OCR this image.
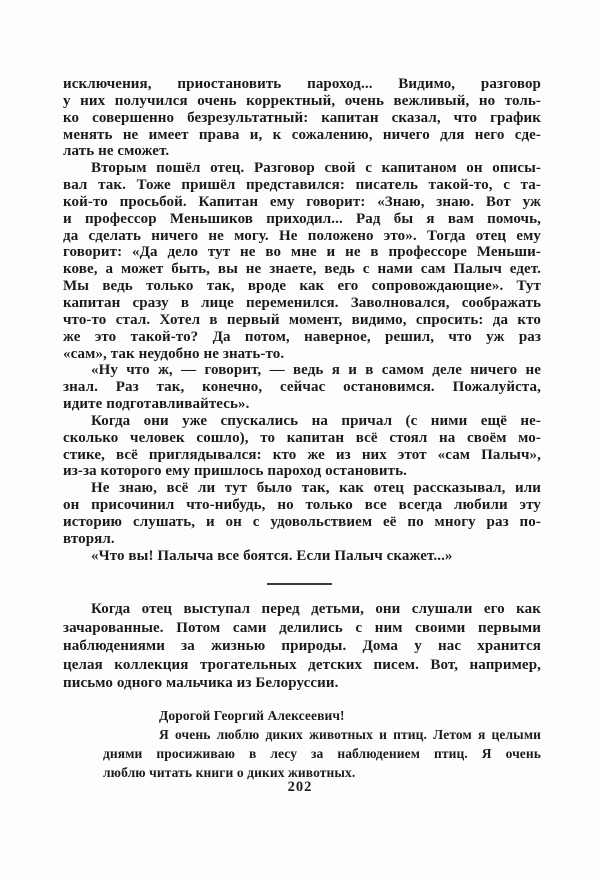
исключения, приостановить пароход... Видимо, разговор
у них получился очень корректный, очень вежливый, но толь-
ко совершенно безрезультатный: капитан сказал, что график
менять не имеет права и, к сожалению, ничего для него сде-
лать не сможет.
Вторым пошёл отец. Разговор свой с капитаном он описы-
вал так. Тоже пришёл представился: писатель такой-то, с та-
кой-то просьбой. Капитан ему говорит: «Знаю, знаю. Вот уж
и профессор Меньшиков приходил... Рад бы я вам помочь,
да сделать ничего не могу. Не положено это». Тогда отец ему
говорит: «Да дело тут не во мне и не в профессоре Меньши-
кове, а может быть, вы не знаете, ведь с нами сам Палыч едет.
Мы ведь только так, вроде как его сопровождающие». Тут
капитан сразу в лице переменился. Заволновался, соображать
что-то стал. Хотел в первый момент, видимо, спросить: да кто
же это такой-то? Да потом, наверное, решил, что уж раз
«сам», так неудобно не знать-то.
«Ну что ж, — говорит, — ведь я и в самом деле ничего не
знал. Раз так, конечно, сейчас остановимся. Пожалуйста,
идите подготавливайтесь».
Когда они уже спускались на причал (с ними ещё не-
сколько человек сошло), то капитан всё стоял на своём мо-
стике, всё приглядывался: кто же из них этот «сам Палыч»,
из-за которого ему пришлось пароход остановить.
Не знаю, всё ли тут было так, как отец рассказывал, или
он присочинил что-нибудь, но только все всегда любили эту
историю слушать, и он с удовольствием её по многу раз по-
вторял.
«Что вы! Палыча все боятся. Если Палыч скажет...»
Когда отец выступал перед детьми, они слушали его как
зачарованные. Потом сами делились с ним своими первыми
наблюдениями за жизнью природы. Дома у нас хранится
целая коллекция трогательных детских писем. Вот, например,
письмо одного мальчика из Белоруссии.
Дорогой Георгий Алексеевич!
Я очень люблю диких животных и птиц. Летом я целыми
днями просиживаю в лесу за наблюдением птиц. Я очень
люблю читать книги о диких животных.
202
